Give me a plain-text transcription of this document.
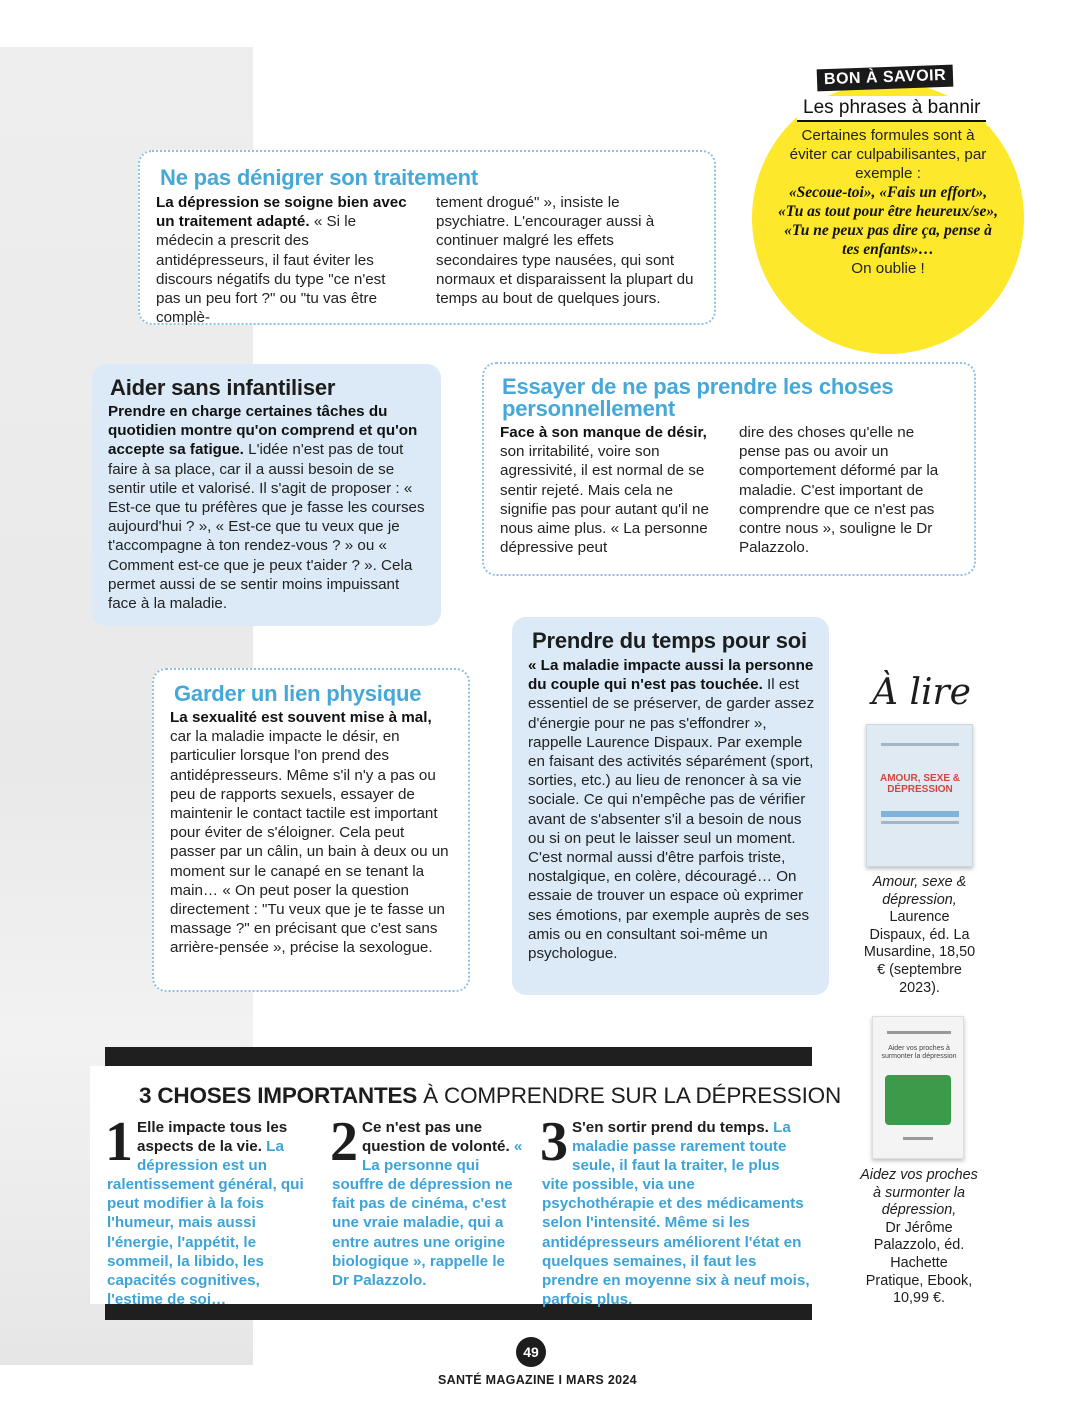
Ne pas dénigrer son traitement
La dépression se soigne bien avec un traitement adapté. « Si le médecin a prescrit des antidépresseurs, il faut éviter les discours négatifs du type "ce n'est pas un peu fort ?" ou "tu vas être complè-
tement drogué" », insiste le psychiatre. L'encourager aussi à continuer malgré les effets secondaires type nausées, qui sont normaux et disparaissent la plupart du temps au bout de quelques jours.
BON À SAVOIR
Les phrases à bannir
Certaines formules sont à éviter car culpabilisantes, par exemple :
«Secoue-toi», «Fais un effort», «Tu as tout pour être heureux/se», «Tu ne peux pas dire ça, pense à tes enfants»…
On oublie !
Aider sans infantiliser
Prendre en charge certaines tâches du quotidien montre qu'on comprend et qu'on accepte sa fatigue. L'idée n'est pas de tout faire à sa place, car il a aussi besoin de se sentir utile et valorisé. Il s'agit de proposer : « Est-ce que tu préfères que je fasse les courses aujourd'hui ? », « Est-ce que tu veux que je t'accompagne à ton rendez-vous ? » ou « Comment est-ce que je peux t'aider ? ». Cela permet aussi de se sentir moins impuissant face à la maladie.
Essayer de ne pas prendre les choses personnellement
Face à son manque de désir, son irritabilité, voire son agressivité, il est normal de se sentir rejeté. Mais cela ne signifie pas pour autant qu'il ne nous aime plus. « La personne dépressive peut
dire des choses qu'elle ne pense pas ou avoir un comportement déformé par la maladie. C'est important de comprendre que ce n'est pas contre nous », souligne le Dr Palazzolo.
Garder un lien physique
La sexualité est souvent mise à mal, car la maladie impacte le désir, en particulier lorsque l'on prend des antidépresseurs. Même s'il n'y a pas ou peu de rapports sexuels, essayer de maintenir le contact tactile est important pour éviter de s'éloigner. Cela peut passer par un câlin, un bain à deux ou un moment sur le canapé en se tenant la main… « On peut poser la question directement : "Tu veux que je te fasse un massage ?" en précisant que c'est sans arrière-pensée », précise la sexologue.
Prendre du temps pour soi
« La maladie impacte aussi la personne du couple qui n'est pas touchée. Il est essentiel de se préserver, de garder assez d'énergie pour ne pas s'effondrer », rappelle Laurence Dispaux. Par exemple en faisant des activités séparément (sport, sorties, etc.) au lieu de renoncer à sa vie sociale. Ce qui n'empêche pas de vérifier avant de s'absenter s'il a besoin de nous ou si on peut le laisser seul un moment. C'est normal aussi d'être parfois triste, nostalgique, en colère, découragé… On essaie de trouver un espace où exprimer ses émotions, par exemple auprès de ses amis ou en consultant soi-même un psychologue.
À lire
AMOUR, SEXE & DÉPRESSION
Amour, sexe & dépression,
Laurence Dispaux, éd. La Musardine, 18,50 € (septembre 2023).
Aider vos proches à surmonter la dépression
Aidez vos proches à surmonter la dépression,
Dr Jérôme Palazzolo, éd. Hachette Pratique, Ebook, 10,99 €.
3 CHOSES IMPORTANTES À COMPRENDRE SUR LA DÉPRESSION
1 Elle impacte tous les aspects de la vie. La dépression est un ralentissement général, qui peut modifier à la fois l'humeur, mais aussi l'énergie, l'appétit, le sommeil, la libido, les capacités cognitives, l'estime de soi…
2 Ce n'est pas une question de volonté. « La personne qui souffre de dépression ne fait pas de cinéma, c'est une vraie maladie, qui a entre autres une origine biologique », rappelle le Dr Palazzolo.
3 S'en sortir prend du temps. La maladie passe rarement toute seule, il faut la traiter, le plus vite possible, via une psychothérapie et des médicaments selon l'intensité. Même si les antidépresseurs améliorent l'état en quelques semaines, il faut les prendre en moyenne six à neuf mois, parfois plus.
49
SANTÉ MAGAZINE I MARS 2024
